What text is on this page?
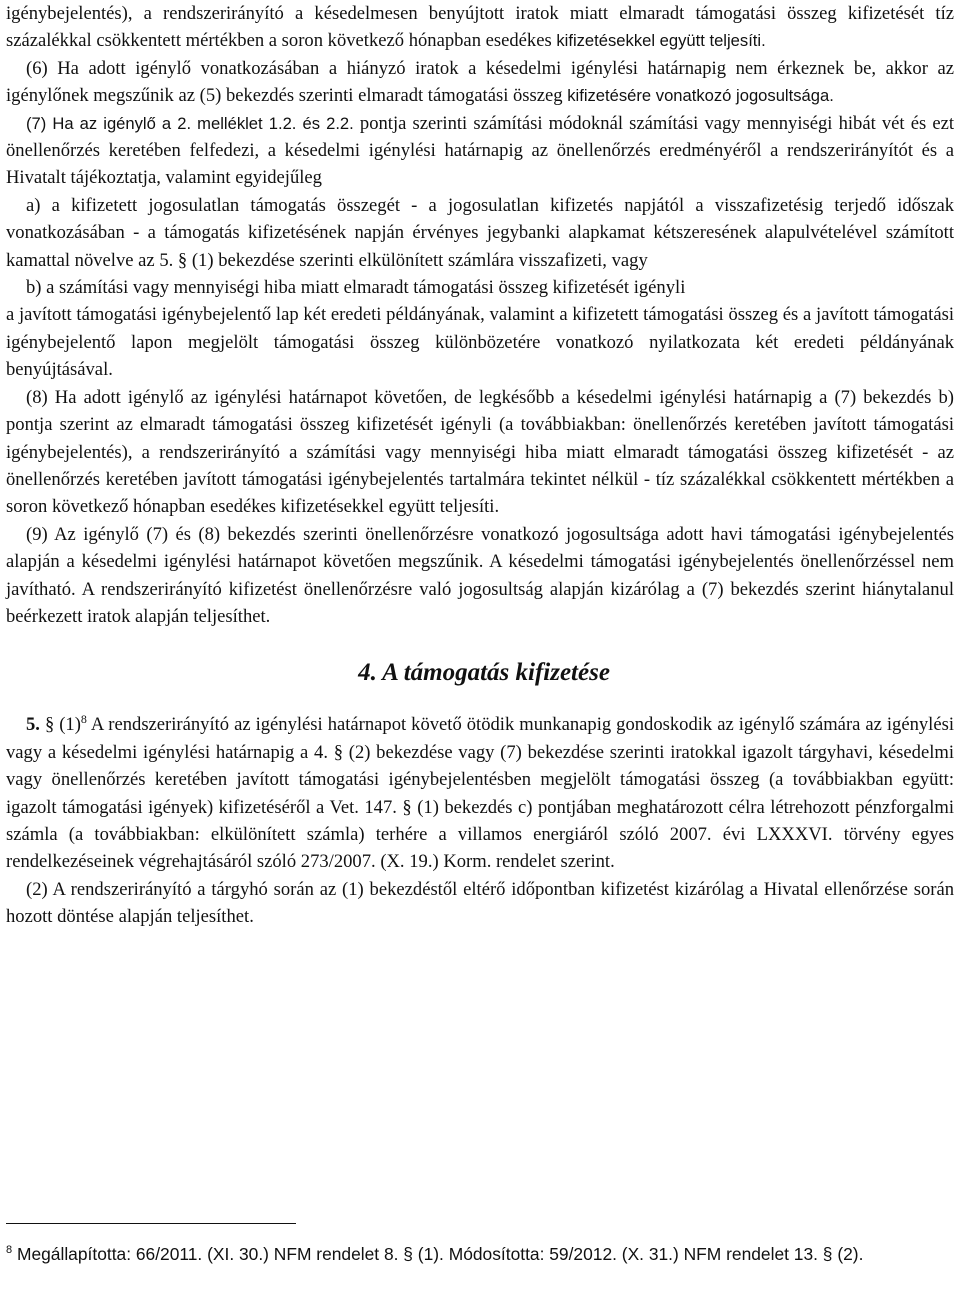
igénybejelentés), a rendszerirányító a késedelmesen benyújtott iratok miatt elmaradt támogatási összeg kifizetését tíz százalékkal csökkentett mértékben a soron következő hónapban esedékes kifizetésekkel együtt teljesíti.

(6) Ha adott igénylő vonatkozásában a hiányzó iratok a késedelmi igénylési határnapig nem érkeznek be, akkor az igénylőnek megszűnik az (5) bekezdés szerinti elmaradt támogatási összeg kifizetésére vonatkozó jogosultsága.

(7) Ha az igénylő a 2. melléklet 1.2. és 2.2. pontja szerinti számítási módoknál számítási vagy mennyiségi hibát vét és ezt önellenőrzés keretében felfedezi, a késedelmi igénylési határnapig az önellenőrzés eredményéről a rendszerirányítót és a Hivatalt tájékoztatja, valamint egyidejűleg

a) a kifizetett jogosulatlan támogatás összegét - a jogosulatlan kifizetés napjától a visszafizetésig terjedő időszak vonatkozásában - a támogatás kifizetésének napján érvényes jegybanki alapkamat kétszeresének alapulvételével számított kamattal növelve az 5. § (1) bekezdése szerinti elkülönített számlára visszafizeti, vagy

b) a számítási vagy mennyiségi hiba miatt elmaradt támogatási összeg kifizetését igényli

a javított támogatási igénybejelentő lap két eredeti példányának, valamint a kifizetett támogatási összeg és a javított támogatási igénybejelentő lapon megjelölt támogatási összeg különbözetére vonatkozó nyilatkozata két eredeti példányának benyújtásával.

(8) Ha adott igénylő az igénylési határnapot követően, de legkésőbb a késedelmi igénylési határnapig a (7) bekezdés b) pontja szerint az elmaradt támogatási összeg kifizetését igényli (a továbbiakban: önellenőrzés keretében javított támogatási igénybejelentés), a rendszerirányító a számítási vagy mennyiségi hiba miatt elmaradt támogatási összeg kifizetését - az önellenőrzés keretében javított támogatási igénybejelentés tartalmára tekintet nélkül - tíz százalékkal csökkentett mértékben a soron következő hónapban esedékes kifizetésekkel együtt teljesíti.

(9) Az igénylő (7) és (8) bekezdés szerinti önellenőrzésre vonatkozó jogosultsága adott havi támogatási igénybejelentés alapján a késedelmi igénylési határnapot követően megszűnik. A késedelmi támogatási igénybejelentés önellenőrzéssel nem javítható. A rendszerirányító kifizetést önellenőrzésre való jogosultság alapján kizárólag a (7) bekezdés szerint hiánytalanul beérkezett iratok alapján teljesíthet.

4. A támogatás kifizetése

5. § $(1)^8$ A rendszerirányító az igénylési határnapot követő ötödik munkanapig gondoskodik az igénylő számára az igénylési vagy a késedelmi igénylési határnapig a 4. § (2) bekezdése vagy (7) bekezdése szerinti iratokkal igazolt tárgyhavi, késedelmi vagy önellenőrzés keretében javított támogatási igénybejelentésben megjelölt támogatási összeg (a továbbiakban együtt: igazolt támogatási igények) kifizetéséről a Vet. 147. § (1) bekezdés c) pontjában meghatározott célra létrehozott pénzforgalmi számla (a továbbiakban: elkülönített számla) terhére a villamos energiáról szóló 2007. évi LXXXVI. törvény egyes rendelkezéseinek végrehajtásáról szóló 273/2007. (X. 19.) Korm. rendelet szerint.

(2) A rendszerirányító a tárgyhó során az (1) bekezdéstől eltérő időpontban kifizetést kizárólag a Hivatal ellenőrzése során hozott döntése alapján teljesíthet.

$^8$ Megállapította: 66/2011. (XI. 30.) NFM rendelet 8. § (1). Módosította: 59/2012. (X. 31.) NFM rendelet 13. § (2).
